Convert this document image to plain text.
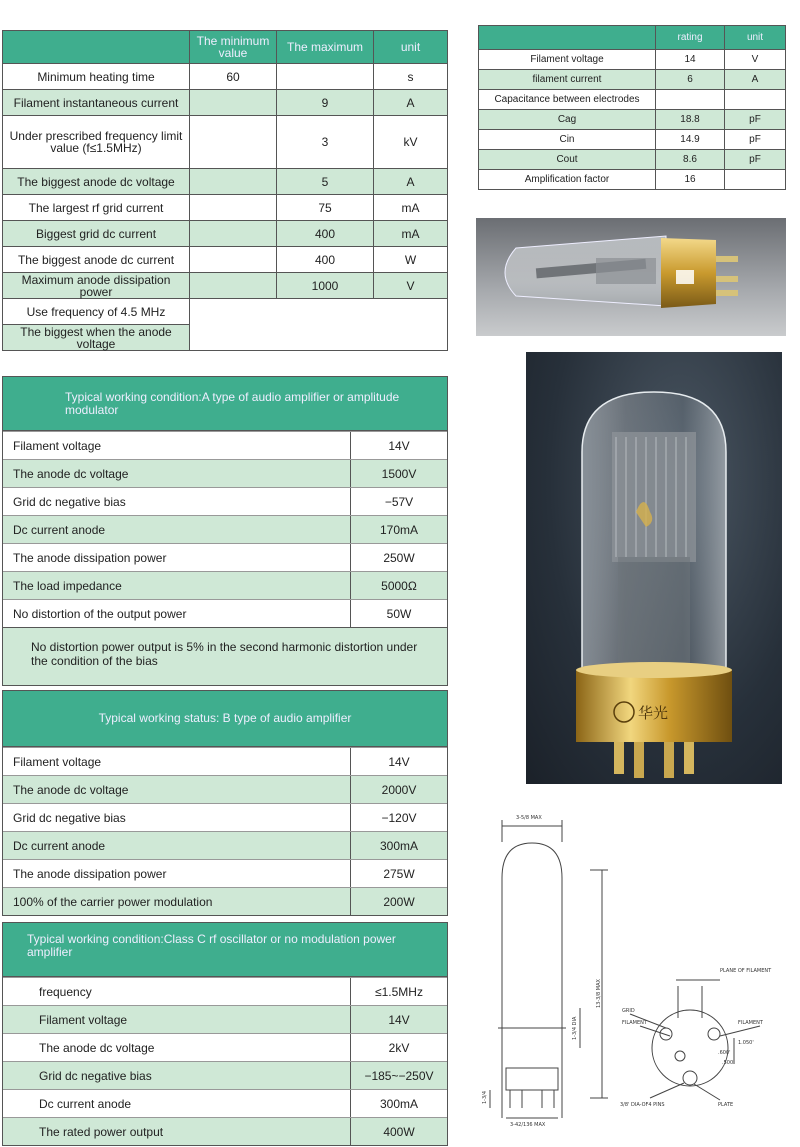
	The minimum value	The maximum	unit
Minimum heating time	60		s
Filament instantaneous current		9	A
Under prescribed frequency limit value (f≤1.5MHz)		3	kV
The biggest anode dc voltage		5	A
The largest rf grid current		75	mA
Biggest grid dc current		400	mA
The biggest anode dc current		400	W
Maximum anode dissipation power		1000	V
Use frequency of 4.5 MHz			
The biggest when the anode voltage			
	rating	unit
Filament voltage	14	V
filament current	6	A
Capacitance between electrodes		
Cag	18.8	pF
Cin	14.9	pF
Cout	8.6	pF
Amplification factor	16	
华光
Typical working condition:A type of audio amplifier or amplitude modulator
Filament voltage	14V
The anode dc voltage	1500V
Grid dc negative bias	−57V
Dc current anode	170mA
The anode dissipation power	250W
The load impedance	5000Ω
No distortion of the output power	50W
No distortion power output is 5% in the second harmonic distortion under the condition of the bias
Typical working status: B type of audio amplifier
Filament voltage	14V
The anode dc voltage	2000V
Grid dc negative bias	−120V
Dc current anode	300mA
The anode dissipation power	275W
100% of the carrier power modulation	200W
Typical working condition:Class C rf oscillator or no modulation power amplifier
frequency	≤1.5MHz
Filament voltage	14V
The anode dc voltage	2kV
Grid dc negative bias	−185~−250V
Dc current anode	300mA
The rated power output	400W
3-5/8 MAX
13-3/8 MAX
1-3/4 DIA
1-3/4
3-42/136 MAX
PLANE OF FILAMENT
GRID
FILAMENT	FILAMENT
1.050'
.600'
.500'
3/8' DIA-OF4 PINS	PLATE
